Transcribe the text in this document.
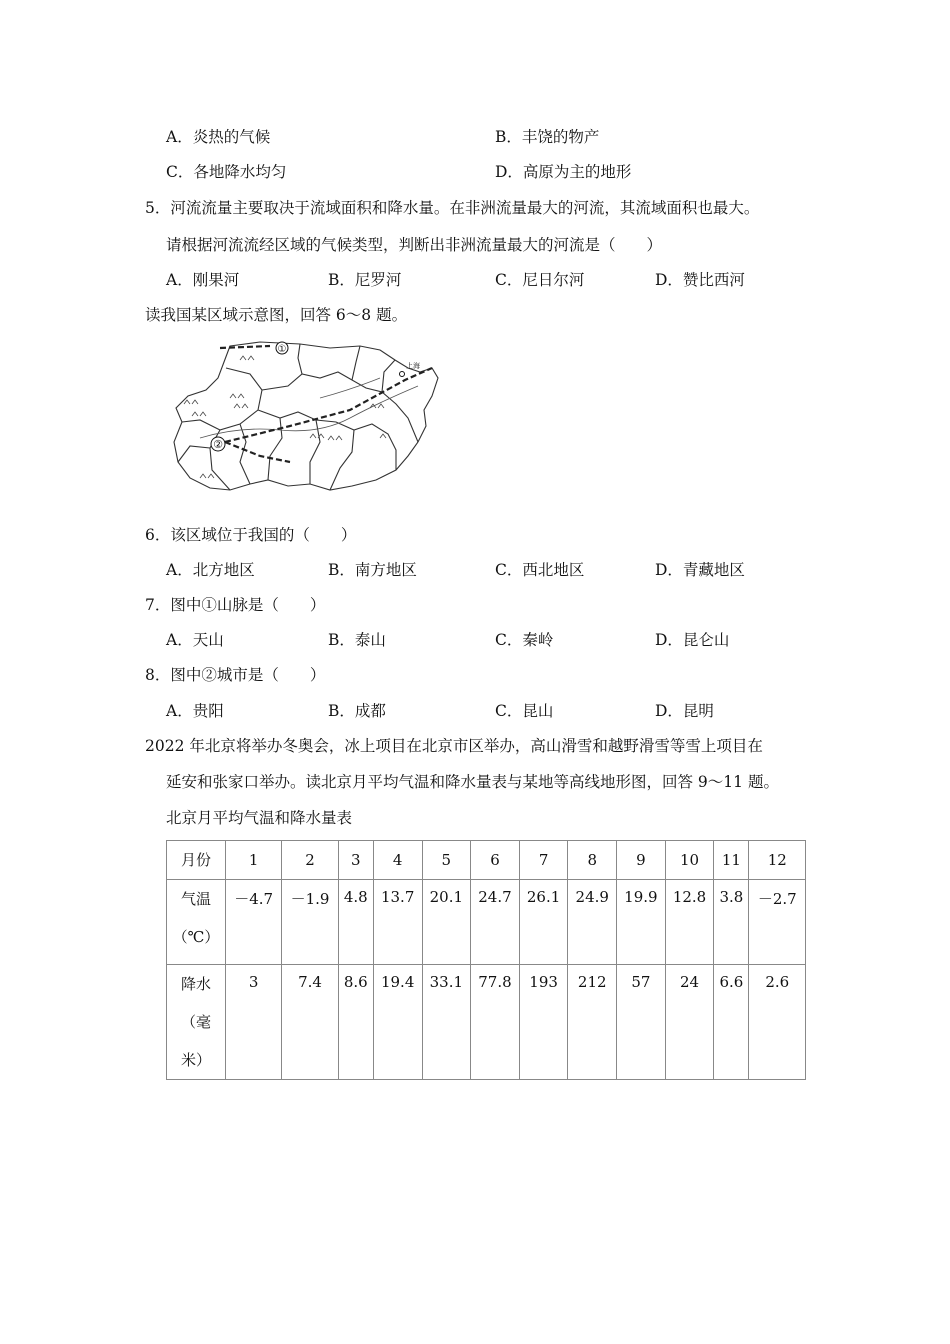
A．炎热的气候	B．丰饶的物产
C．各地降水均匀	D．高原为主的地形
5．河流流量主要取决于流域面积和降水量。在非洲流量最大的河流，其流域面积也最大。
请根据河流流经区域的气候类型，判断出非洲流量最大的河流是（　　）
A．刚果河	B．尼罗河	C．尼日尔河	D．赞比西河
读我国某区域示意图，回答 6～8 题。
①
②
上海
6．该区域位于我国的（　　）
A．北方地区	B．南方地区	C．西北地区	D．青藏地区
7．图中①山脉是（　　）
A．天山	B．泰山	C．秦岭	D．昆仑山
8．图中②城市是（　　）
A．贵阳	B．成都	C．昆山	D．昆明
2022 年北京将举办冬奥会，冰上项目在北京市区举办，高山滑雪和越野滑雪等雪上项目在
延安和张家口举办。读北京月平均气温和降水量表与某地等高线地形图，回答 9～11 题。
北京月平均气温和降水量表
月份	1	2	3	4	5	6	7	8	9	10	11	12

气温
（℃）	－4.7	－1.9	4.8	13.7	20.1	24.7	26.1	24.9	19.9	12.8	3.8	－2.7

降水
（毫
米）	3	7.4	8.6	19.4	33.1	77.8	193	212	57	24	6.6	2.6
